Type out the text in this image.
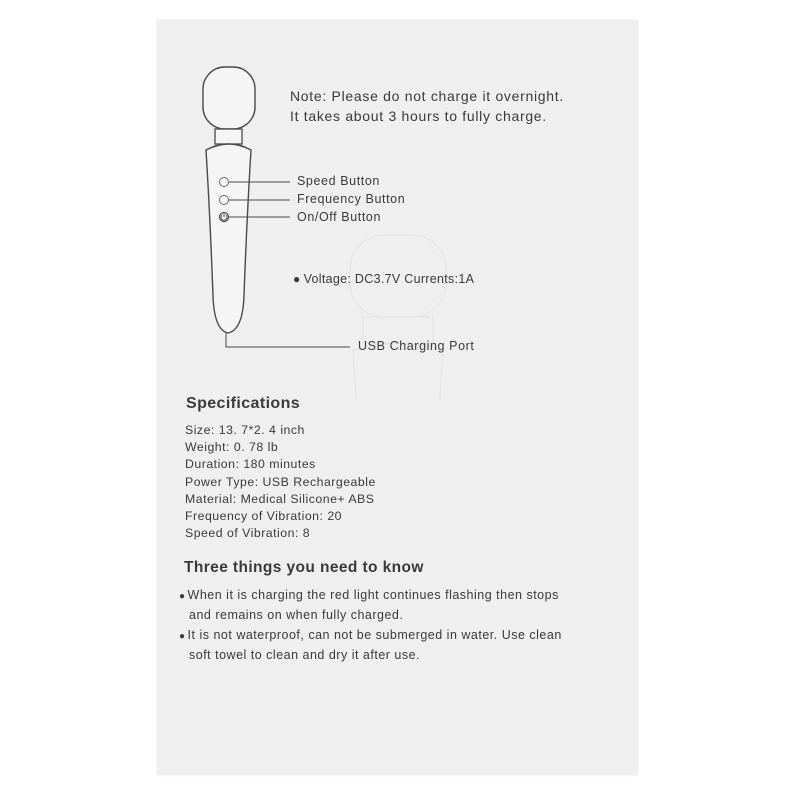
Note: Please do not charge it overnight.
It takes about 3 hours to fully charge.

Speed Button
Frequency Button
On/Off Button
● Voltage: DC3.7V Currents:1A
USB Charging Port
Specifications
Size: 13. 7*2. 4 inch
Weight: 0. 78 lb
Duration: 180 minutes
Power Type: USB Rechargeable
Material: Medical Silicone+ ABS
Frequency of Vibration: 20
Speed of Vibration: 8
Three things you need to know
● When it is charging the red light continues flashing then stops
and remains on when fully charged.
● It is not waterproof, can not be submerged in water. Use clean
soft towel to clean and dry it after use.
